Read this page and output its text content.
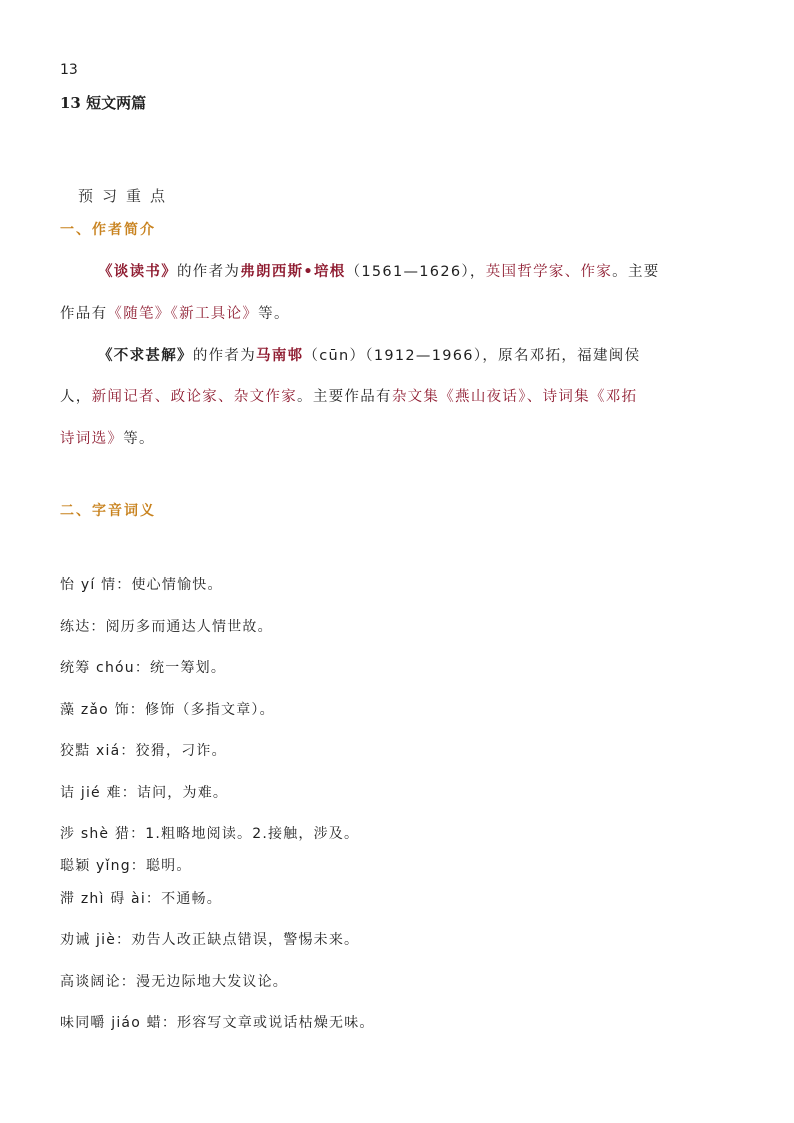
13
13 短文两篇
预习重点
一、作者简介
《谈读书》的作者为弗朗西斯•培根（1561—1626），英国哲学家、作家。主要
作品有《随笔》《新工具论》等。
《不求甚解》的作者为马南邨（cūn）（1912—1966），原名邓拓，福建闽侯
人，新闻记者、政论家、杂文作家。主要作品有杂文集《燕山夜话》、诗词集《邓拓
诗词选》等。
二、字音词义
怡 yí 情：使心情愉快。
练达：阅历多而通达人情世故。
统筹 chóu：统一筹划。
藻 zǎo 饰：修饰（多指文章）。
狡黠 xiá：狡猾，刁诈。
诘 jié 难：诘问，为难。
涉 shè 猎：1.粗略地阅读。2.接触，涉及。
聪颖 yǐng：聪明。
滞 zhì 碍 ài：不通畅。
劝诫 jiè：劝告人改正缺点错误，警惕未来。
高谈阔论：漫无边际地大发议论。
味同嚼 jiáo 蜡：形容写文章或说话枯燥无味。
